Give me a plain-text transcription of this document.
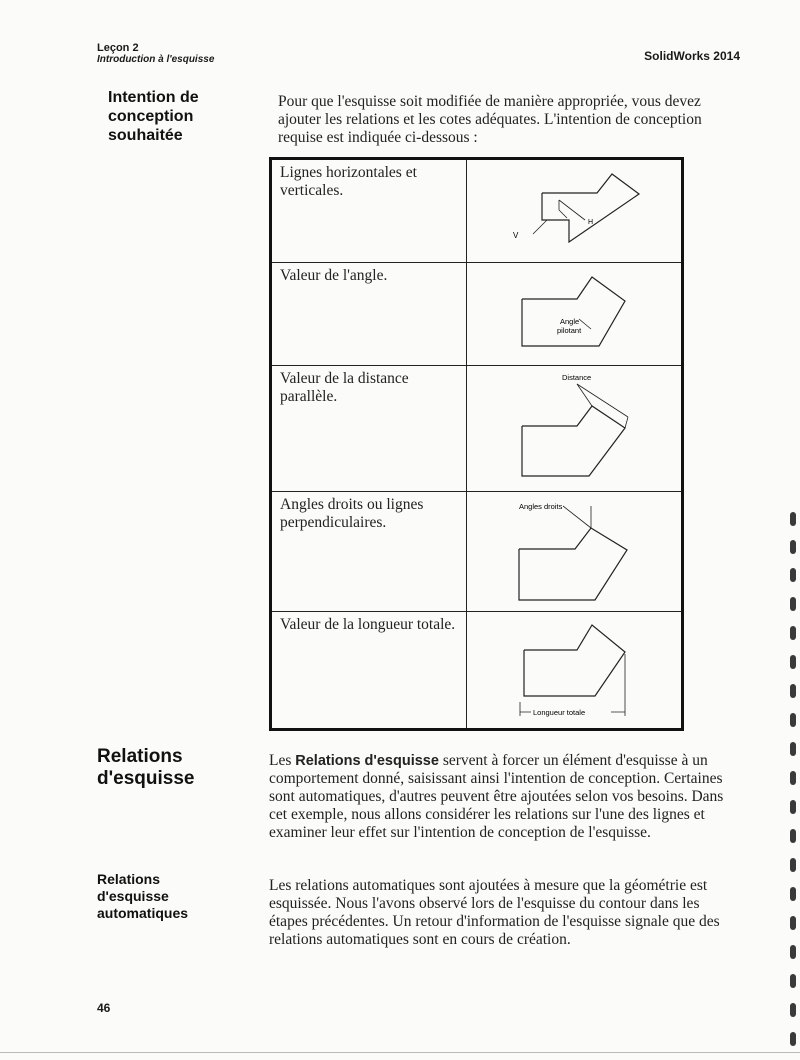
Leçon 2
Introduction à l'esquisse	SolidWorks 2014
Intention de
conception
souhaitée
Pour que l'esquisse soit modifiée de manière appropriée, vous devez ajouter les relations et les cotes adéquates. L'intention de conception requise est indiquée ci-dessous :
Lignes horizontales et verticales.
V
H
Valeur de l'angle.
Angle
pilotant
Valeur de la distance parallèle.
Distance
Angles droits ou lignes perpendiculaires.
Angles droits
Valeur de la longueur totale.
Longueur totale
Relations
d'esquisse
Les Relations d'esquisse servent à forcer un élément d'esquisse à un comportement donné, saisissant ainsi l'intention de conception. Certaines sont automatiques, d'autres peuvent être ajoutées selon vos besoins. Dans cet exemple, nous allons considérer les relations sur l'une des lignes et examiner leur effet sur l'intention de conception de l'esquisse.
Relations
d'esquisse
automatiques
Les relations automatiques sont ajoutées à mesure que la géométrie est esquissée. Nous l'avons observé lors de l'esquisse du contour dans les étapes précédentes. Un retour d'information de l'esquisse signale que des relations automatiques sont en cours de création.
46
